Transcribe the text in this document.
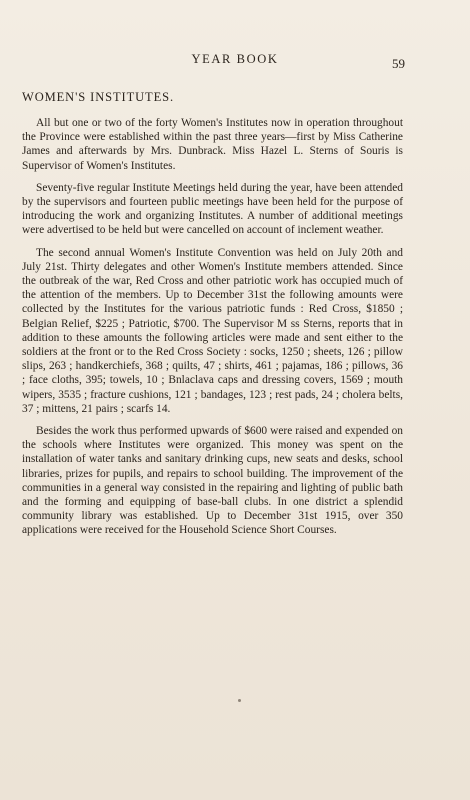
YEAR BOOK	59
WOMEN'S INSTITUTES.

All but one or two of the forty Women's Institutes now in operation throughout the Province were established within the past three years—first by Miss Catherine James and afterwards by Mrs. Dunbrack. Miss Hazel L. Sterns of Souris is Supervisor of Women's Institutes.

Seventy-five regular Institute Meetings held during the year, have been attended by the supervisors and fourteen public meetings have been held for the purpose of introducing the work and organizing Institutes. A number of additional meetings were advertised to be held but were cancelled on account of inclement weather.

The second annual Women's Institute Convention was held on July 20th and July 21st. Thirty delegates and other Women's Institute members attended. Since the outbreak of the war, Red Cross and other patriotic work has occupied much of the attention of the members. Up to December 31st the following amounts were collected by the Institutes for the various patriotic funds : Red Cross, $1850 ; Belgian Relief, $225 ; Patriotic, $700. The Supervisor M ss Sterns, reports that in addition to these amounts the following articles were made and sent either to the soldiers at the front or to the Red Cross Society : socks, 1250 ; sheets, 126 ; pillow slips, 263 ; handkerchiefs, 368 ; quilts, 47 ; shirts, 461 ; pajamas, 186 ; pillows, 36 ; face cloths, 395; towels, 10 ; Bnlaclava caps and dressing covers, 1569 ; mouth wipers, 3535 ; fracture cushions, 121 ; bandages, 123 ; rest pads, 24 ; cholera belts, 37 ; mittens, 21 pairs ; scarfs 14.

Besides the work thus performed upwards of $600 were raised and expended on the schools where Institutes were organized. This money was spent on the installation of water tanks and sanitary drinking cups, new seats and desks, school libraries, prizes for pupils, and repairs to school building. The improvement of the communities in a general way consisted in the repairing and lighting of public bath and the forming and equipping of base-ball clubs. In one district a splendid community library was established. Up to December 31st 1915, over 350 applications were received for the Household Science Short Courses.
